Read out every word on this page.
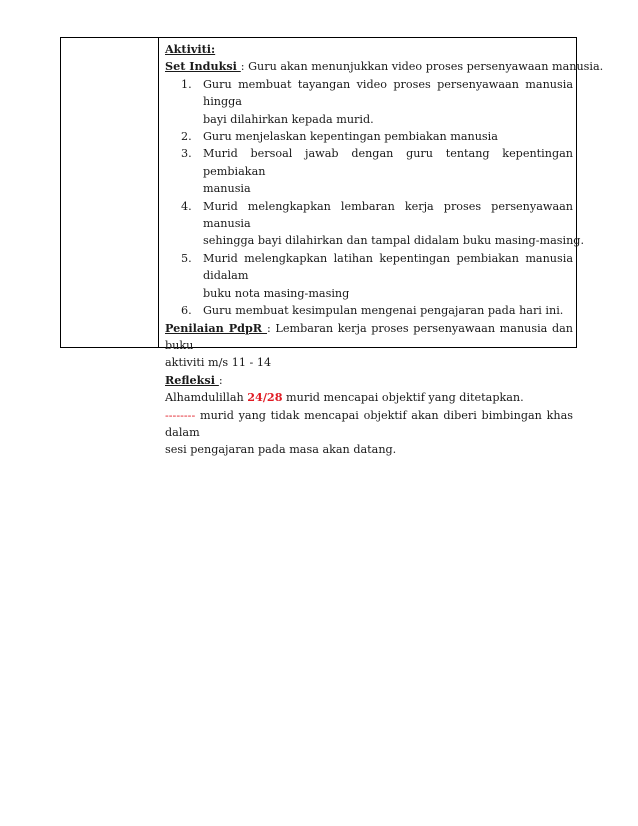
Aktiviti:
Set Induksi : Guru akan menunjukkan video proses persenyawaan manusia.
1. Guru membuat tayangan video proses persenyawaan manusia hingga
bayi dilahirkan kepada murid.
2. Guru menjelaskan kepentingan pembiakan manusia
3. Murid bersoal jawab dengan guru tentang kepentingan pembiakan
manusia
4. Murid melengkapkan lembaran kerja proses persenyawaan manusia
sehingga bayi dilahirkan dan tampal didalam buku masing-masing.
5. Murid melengkapkan latihan kepentingan pembiakan manusia didalam
buku nota masing-masing
6. Guru membuat kesimpulan mengenai pengajaran pada hari ini.
Penilaian PdpR : Lembaran kerja proses persenyawaan manusia dan buku
aktiviti m/s 11 - 14
Refleksi :
Alhamdulillah 24/28 murid mencapai objektif yang ditetapkan.
-------- murid yang tidak mencapai objektif akan diberi bimbingan khas dalam
sesi pengajaran pada masa akan datang.
